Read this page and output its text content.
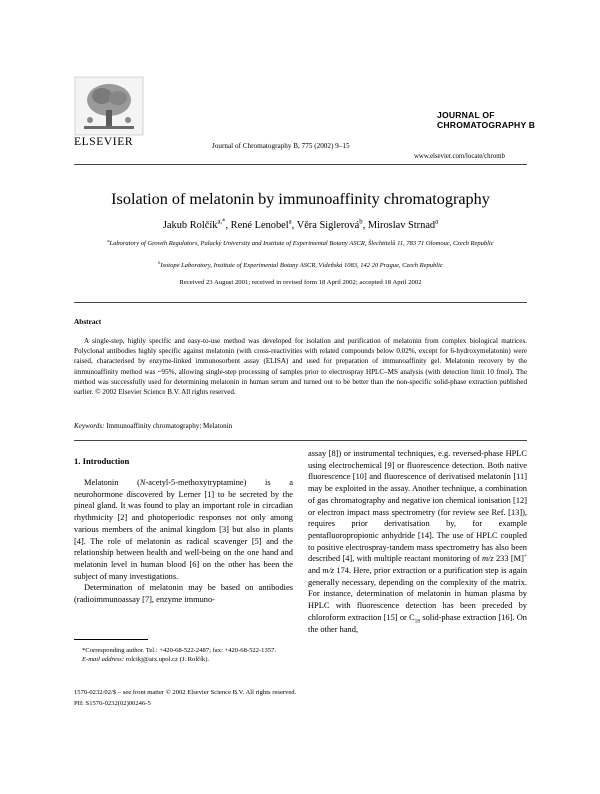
ELSEVIER	Journal of Chromatography B, 775 (2002) 9–15
JOURNAL OF
CHROMATOGRAPHY B
www.elsevier.com/locate/chromb
Isolation of melatonin by immunoaffinity chromatography
Jakub Rolčík$^{a,*}$, René Lenobel$^a$, Věra Siglerová$^b$, Miroslav Strnad$^a$
$^a$Laboratory of Growth Regulators, Palacký University and Institute of Experimental Botany ASCR, Šlechtitelů 11, 783 71 Olomouc, Czech Republic
$^b$Isotope Laboratory, Institute of Experimental Botany ASCR, Vídeňská 1083, 142 20 Prague, Czech Republic
Received 23 August 2001; received in revised form 18 April 2002; accepted 18 April 2002
Abstract
A single-step, highly specific and easy-to-use method was developed for isolation and purification of melatonin from complex biological matrices. Polyclonal antibodies highly specific against melatonin (with cross-reactivities with related compounds below 0.02%, except for 6-hydroxymelatonin) were raised, characterised by enzyme-linked immunosorbent assay (ELISA) and used for preparation of immunoaffinity gel. Melatonin recovery by the immunoaffinity method was ~95%, allowing single-step processing of samples prior to electrospray HPLC–MS analysis (with detection limit 10 fmol). The method was successfully used for determining melatonin in human serum and turned out to be better than the non-specific solid-phase extraction published earlier. © 2002 Elsevier Science B.V. All rights reserved.
Keywords: Immunoaffinity chromatography; Melatonin
1. Introduction

Melatonin (N-acetyl-5-methoxytryptamine) is a neurohormone discovered by Lerner [1] to be secreted by the pineal gland. It was found to play an important role in circadian rhythmicity [2] and photoperiodic responses not only among various members of the animal kingdom [3] but also in plants [4]. The role of melatonin as radical scavenger [5] and the relationship between health and well-being on the one hand and melatonin level in human blood [6] on the other has been the subject of many investigations.

Determination of melatonin may be based on antibodies (radioimmunoassay [7], enzyme immuno-

assay [8]) or instrumental techniques, e.g. reversed-phase HPLC using electrochemical [9] or fluorescence detection. Both native fluorescence [10] and fluorescence of derivatised melatonin [11] may be exploited in the assay. Another technique, a combination of gas chromatography and negative ion chemical ionisation [12] or electron impact mass spectrometry (for review see Ref. [13]), requires prior derivatisation by, for example pentafluoropropionic anhydride [14]. The use of HPLC coupled to positive electrospray-tandem mass spectrometry has also been described [4], with multiple reactant monitoring of m/z 233 [M]+ and m/z 174. Here, prior extraction or a purification step is again generally necessary, depending on the complexity of the matrix. For instance, determination of melatonin in human plasma by HPLC with fluorescence detection has been preceded by chloroform extraction [15] or $C_{18}$ solid-phase extraction [16]. On the other hand,

*Corresponding author. Tel.: +420-68-522-2487; fax: +420-68-522-1357.
E-mail address: rolcikj@aix.upol.cz (J. Rolčík).
1570-0232/02/$ – see front matter © 2002 Elsevier Science B.V. All rights reserved.
PII: S1570-0232(02)00246-5
